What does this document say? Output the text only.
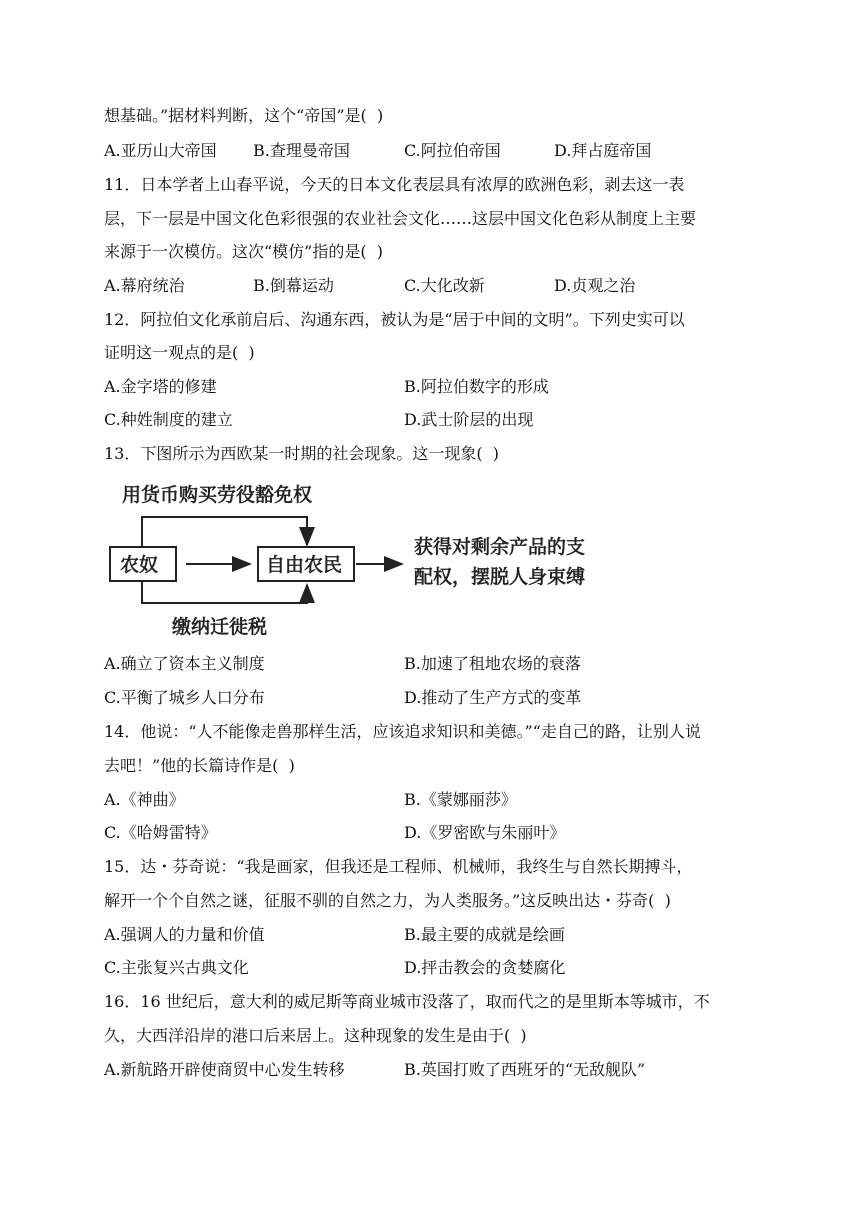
想基础。”据材料判断，这个“帝国”是(  )
A.亚历山大帝国 B.查理曼帝国	C.阿拉伯帝国	D.拜占庭帝国
11．日本学者上山春平说，今天的日本文化表层具有浓厚的欧洲色彩，剥去这一表
层，下一层是中国文化色彩很强的农业社会文化……这层中国文化色彩从制度上主要
来源于一次模仿。这次“模仿”指的是(  )
A.幕府统治	B.倒幕运动	C.大化改新	D.贞观之治
12．阿拉伯文化承前启后、沟通东西，被认为是“居于中间的文明”。下列史实可以
证明这一观点的是(  )
A.金字塔的修建	B.阿拉伯数字的形成
C.种姓制度的建立	D.武士阶层的出现
13．下图所示为西欧某一时期的社会现象。这一现象(  )
用货币购买劳役豁免权
农奴	自由农民
获得对剩余产品的支
配权，摆脱人身束缚
缴纳迁徙税
A.确立了资本主义制度	B.加速了租地农场的衰落
C.平衡了城乡人口分布	D.推动了生产方式的变革
14．他说：“人不能像走兽那样生活，应该追求知识和美德。”“走自己的路，让别人说
去吧！”他的长篇诗作是(  )
A.《神曲》	B.《蒙娜丽莎》
C.《哈姆雷特》	D.《罗密欧与朱丽叶》
15．达・芬奇说：“我是画家，但我还是工程师、机械师，我终生与自然长期搏斗，
解开一个个自然之谜，征服不驯的自然之力，为人类服务。”这反映出达・芬奇(  )
A.强调人的力量和价值	B.最主要的成就是绘画
C.主张复兴古典文化	D.抨击教会的贪婪腐化
16．16 世纪后，意大利的威尼斯等商业城市没落了，取而代之的是里斯本等城市，不
久，大西洋沿岸的港口后来居上。这种现象的发生是由于(  )
A.新航路开辟使商贸中心发生转移	B.英国打败了西班牙的“无敌舰队”
